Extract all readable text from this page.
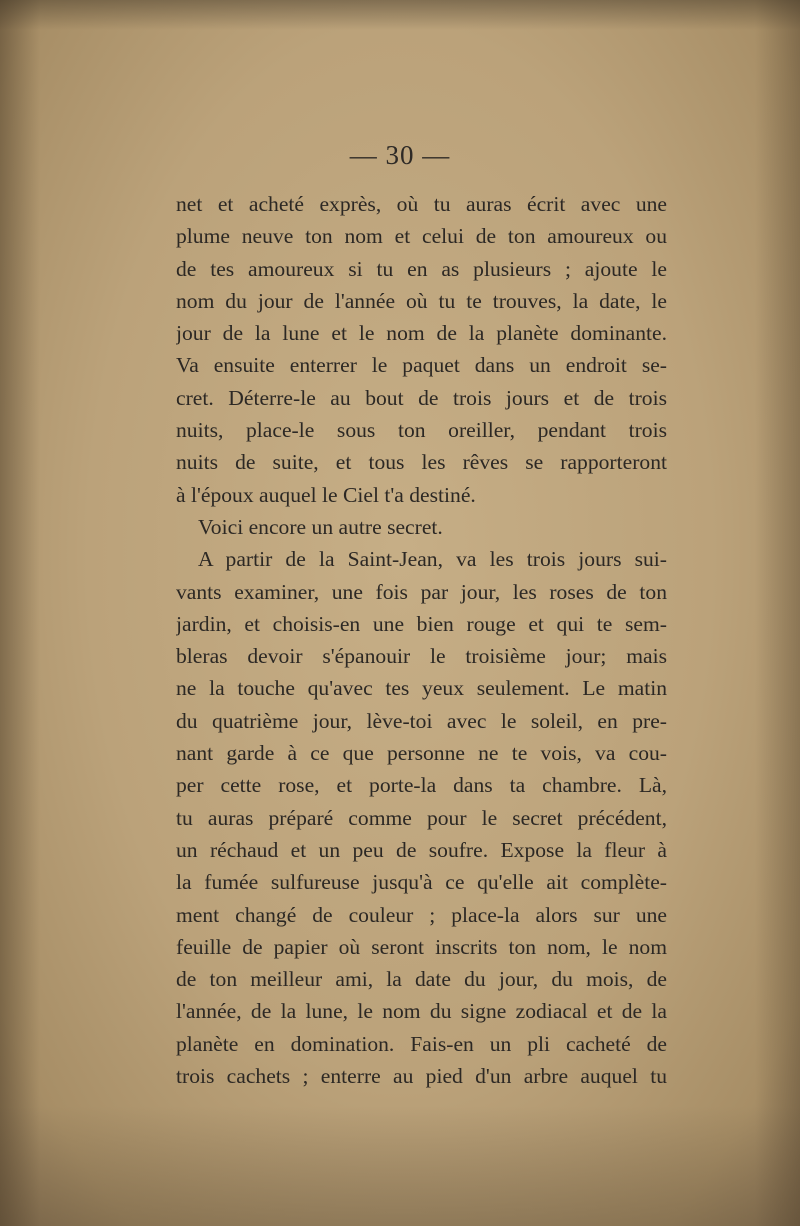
— 30 —
net et acheté exprès, où tu auras écrit avec une
plume neuve ton nom et celui de ton amoureux ou
de tes amoureux si tu en as plusieurs ; ajoute le
nom du jour de l'année où tu te trouves, la date, le
jour de la lune et le nom de la planète dominante.
Va ensuite enterrer le paquet dans un endroit se-
cret. Déterre-le au bout de trois jours et de trois
nuits, place-le sous ton oreiller, pendant trois
nuits de suite, et tous les rêves se rapporteront
à l'époux auquel le Ciel t'a destiné.
Voici encore un autre secret.
A partir de la Saint-Jean, va les trois jours sui-
vants examiner, une fois par jour, les roses de ton
jardin, et choisis-en une bien rouge et qui te sem-
bleras devoir s'épanouir le troisième jour; mais
ne la touche qu'avec tes yeux seulement. Le matin
du quatrième jour, lève-toi avec le soleil, en pre-
nant garde à ce que personne ne te vois, va cou-
per cette rose, et porte-la dans ta chambre. Là,
tu auras préparé comme pour le secret précédent,
un réchaud et un peu de soufre. Expose la fleur à
la fumée sulfureuse jusqu'à ce qu'elle ait complète-
ment changé de couleur ; place-la alors sur une
feuille de papier où seront inscrits ton nom, le nom
de ton meilleur ami, la date du jour, du mois, de
l'année, de la lune, le nom du signe zodiacal et de la
planète en domination. Fais-en un pli cacheté de
trois cachets ; enterre au pied d'un arbre auquel tu
